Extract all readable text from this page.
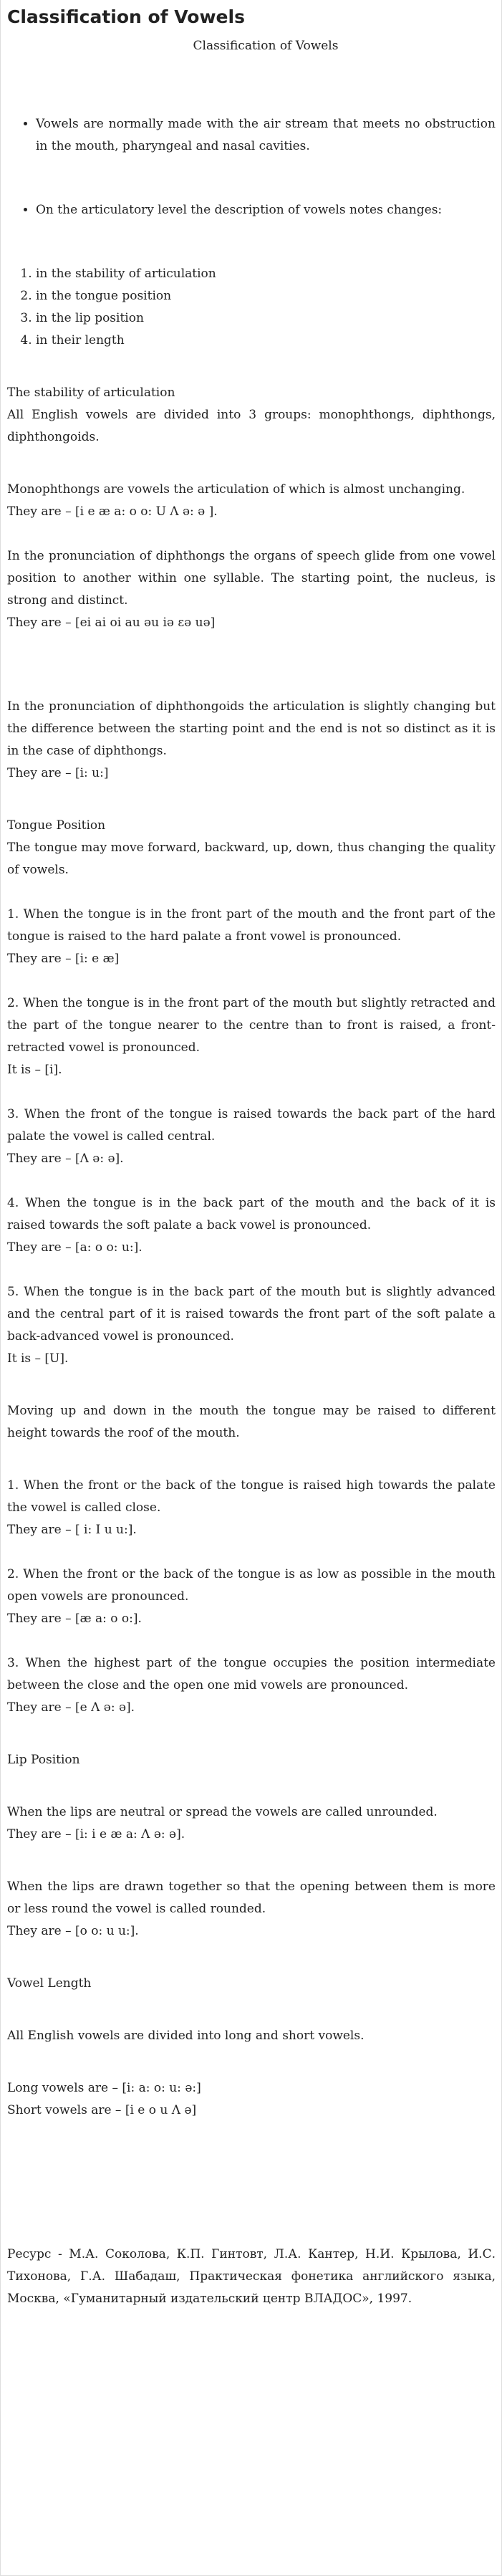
Classification of Vowels
Classification of Vowels
• Vowels are normally made with the air stream that meets no obstruction in the mouth, pharyngeal and nasal cavities.
• On the articulatory level the description of vowels notes changes:
1. in the stability of articulation
2. in the tongue position
3. in the lip position
4. in their length
The stability of articulation

All English vowels are divided into 3 groups: monophthongs, diphthongs, diphthongoids.

Monophthongs are vowels the articulation of which is almost unchanging.

They are – [i e æ a: o o: U Λ ə: ə ].

In the pronunciation of diphthongs the organs of speech glide from one vowel position to another within one syllable. The starting point, the nucleus, is strong and distinct.

They are – [ei ai oi au əu iə ɛə uə]

In the pronunciation of diphthongoids the articulation is slightly changing but the difference between the starting point and the end is not so distinct as it is in the case of diphthongs.

They are – [i: u:]

Tongue Position

The tongue may move forward, backward, up, down, thus changing the quality of vowels.

1. When the tongue is in the front part of the mouth and the front part of the tongue is raised to the hard palate a front vowel is pronounced.

They are – [i: e æ]

2. When the tongue is in the front part of the mouth but slightly retracted and the part of the tongue nearer to the centre than to front is raised, a front-retracted vowel is pronounced.

It is – [i].

3. When the front of the tongue is raised towards the back part of the hard palate the vowel is called central.

They are – [Λ ə: ə].

4. When the tongue is in the back part of the mouth and the back of it is raised towards the soft palate a back vowel is pronounced.

They are – [a: o o: u:].

5. When the tongue is in the back part of the mouth but is slightly advanced and the central part of it is raised towards the front part of the soft palate a back-advanced vowel is pronounced.

It is – [U].

Moving up and down in the mouth the tongue may be raised to different height towards the roof of the mouth.

1. When the front or the back of the tongue is raised high towards the palate the vowel is called close.

They are – [ i: I u u:].

2. When the front or the back of the tongue is as low as possible in the mouth open vowels are pronounced.

They are – [æ a: o o:].

3. When the highest part of the tongue occupies the position intermediate between the close and the open one mid vowels are pronounced.

They are – [e Λ ə: ə].

Lip Position

When the lips are neutral or spread the vowels are called unrounded.

They are – [i: i e æ a: Λ ə: ə].

When the lips are drawn together so that the opening between them is more or less round the vowel is called rounded.

They are – [o o: u u:].

Vowel Length

All English vowels are divided into long and short vowels.

Long vowels are – [i: a: o: u: ə:]

Short vowels are – [i e o u Λ ə]

Ресурс - М.А. Соколова, К.П. Гинтовт, Л.А. Кантер, Н.И. Крылова, И.С. Тихонова, Г.А. Шабадаш, Практическая фонетика английского языка, Москва, «Гуманитарный издательский центр ВЛАДОС», 1997.
